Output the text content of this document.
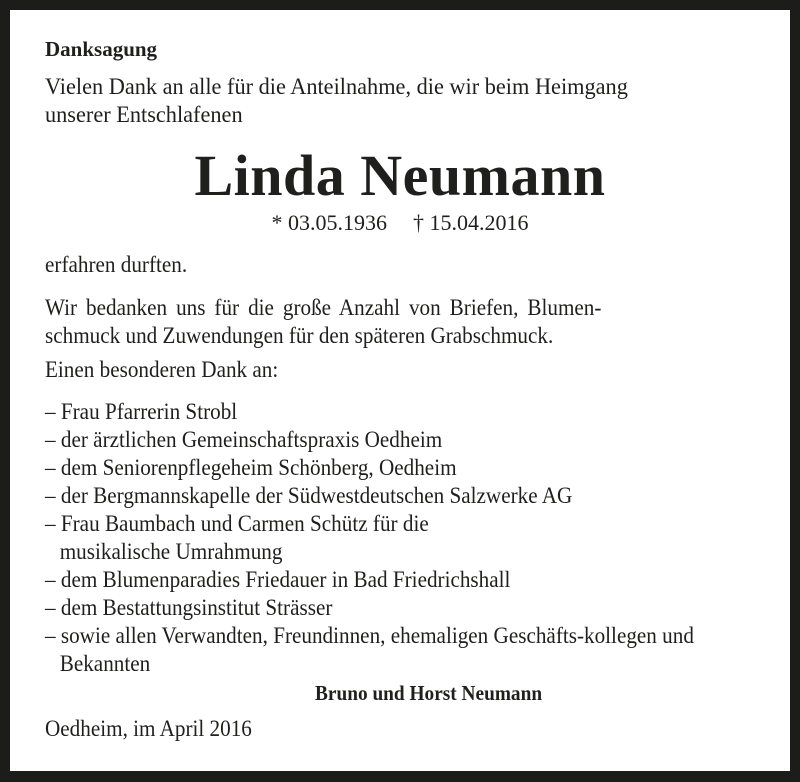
Danksagung
Vielen Dank an alle für die Anteilnahme, die wir beim Heimgang
unserer Entschlafenen
Linda Neumann
* 03.05.1936 † 15.04.2016
erfahren durften.
Wir bedanken uns für die große Anzahl von Briefen, Blumen-
schmuck und Zuwendungen für den späteren Grabschmuck.
Einen besonderen Dank an:
– Frau Pfarrerin Strobl
– der ärztlichen Gemeinschaftspraxis Oedheim
– dem Seniorenpflegeheim Schönberg, Oedheim
– der Bergmannskapelle der Südwestdeutschen Salzwerke AG
– Frau Baumbach und Carmen Schütz für die musikalische Umrahmung
– dem Blumenparadies Friedauer in Bad Friedrichshall
– dem Bestattungsinstitut Strässer
– sowie allen Verwandten, Freundinnen, ehemaligen Geschäfts-kollegen und Bekannten
Bruno und Horst Neumann
Oedheim, im April 2016
